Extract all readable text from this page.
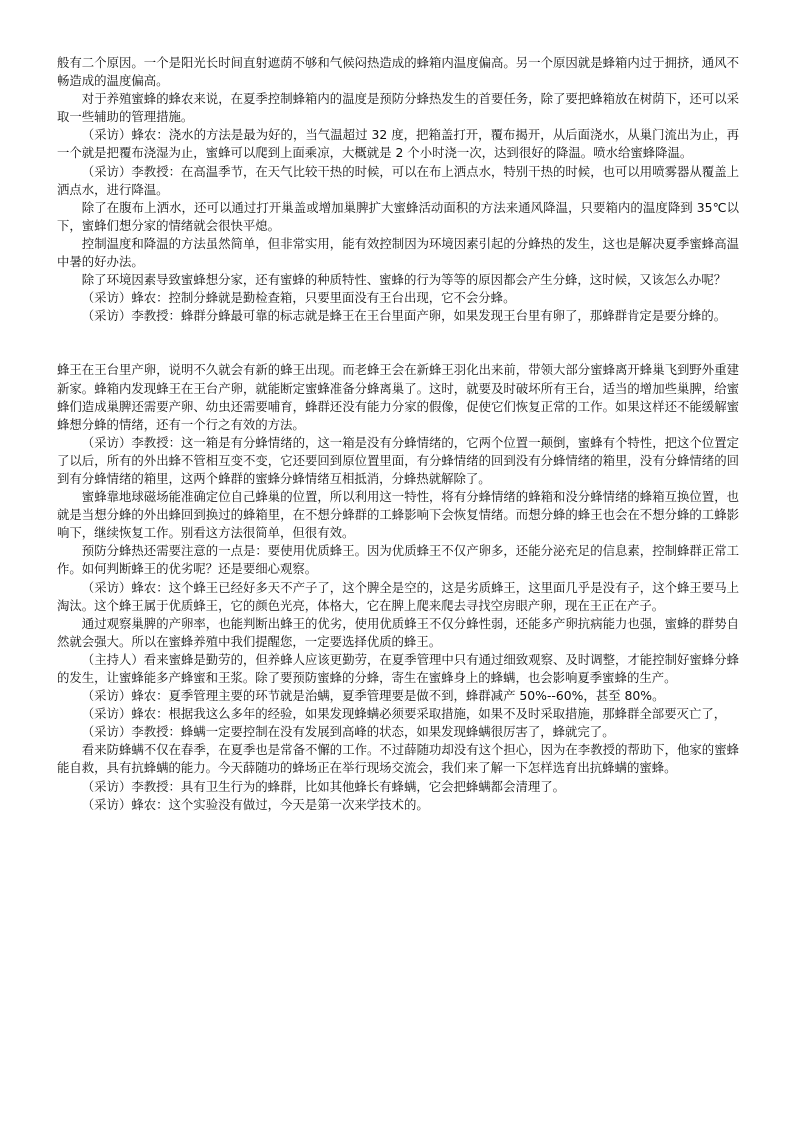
般有二个原因。一个是阳光长时间直射遮荫不够和气候闷热造成的蜂箱内温度偏高。另一个原因就是蜂箱内过于拥挤，通风不畅造成的温度偏高。

对于养殖蜜蜂的蜂农来说，在夏季控制蜂箱内的温度是预防分蜂热发生的首要任务，除了要把蜂箱放在树荫下，还可以采取一些辅助的管理措施。

（采访）蜂农：浇水的方法是最为好的，当气温超过 32 度，把箱盖打开，覆布揭开，从后面浇水，从巢门流出为止，再一个就是把覆布浇湿为止，蜜蜂可以爬到上面乘凉，大概就是 2 个小时浇一次，达到很好的降温。喷水给蜜蜂降温。

（采访）李教授：在高温季节，在天气比较干热的时候，可以在布上洒点水，特别干热的时候，也可以用喷雾器从覆盖上洒点水，进行降温。

除了在腹布上洒水，还可以通过打开巢盖或增加巢脾扩大蜜蜂活动面积的方法来通风降温，只要箱内的温度降到 35℃以下，蜜蜂们想分家的情绪就会很快平熄。

控制温度和降温的方法虽然简单，但非常实用，能有效控制因为环境因素引起的分蜂热的发生，这也是解决夏季蜜蜂高温中暑的好办法。

除了环境因素导致蜜蜂想分家，还有蜜蜂的种质特性、蜜蜂的行为等等的原因都会产生分蜂，这时候，又该怎么办呢？

（采访）蜂农：控制分蜂就是勤检查箱，只要里面没有王台出现，它不会分蜂。

（采访）李教授：蜂群分蜂最可靠的标志就是蜂王在王台里面产卵，如果发现王台里有卵了，那蜂群肯定是要分蜂的。

蜂王在王台里产卵，说明不久就会有新的蜂王出现。而老蜂王会在新蜂王羽化出来前，带领大部分蜜蜂离开蜂巢飞到野外重建新家。蜂箱内发现蜂王在王台产卵，就能断定蜜蜂准备分蜂离巢了。这时，就要及时破坏所有王台，适当的增加些巢脾，给蜜蜂们造成巢脾还需要产卵、幼虫还需要哺育，蜂群还没有能力分家的假像，促使它们恢复正常的工作。如果这样还不能缓解蜜蜂想分蜂的情绪，还有一个行之有效的方法。

（采访）李教授：这一箱是有分蜂情绪的，这一箱是没有分蜂情绪的，它两个位置一颠倒，蜜蜂有个特性，把这个位置定了以后，所有的外出蜂不管相互变不变，它还要回到原位置里面，有分蜂情绪的回到没有分蜂情绪的箱里，没有分蜂情绪的回到有分蜂情绪的箱里，这两个蜂群的蜜蜂分蜂情绪互相抵消，分蜂热就解除了。

蜜蜂靠地球磁场能准确定位自己蜂巢的位置，所以利用这一特性，将有分蜂情绪的蜂箱和没分蜂情绪的蜂箱互换位置，也就是当想分蜂的外出蜂回到换过的蜂箱里，在不想分蜂群的工蜂影响下会恢复情绪。而想分蜂的蜂王也会在不想分蜂的工蜂影响下，继续恢复工作。别看这方法很简单，但很有效。

预防分蜂热还需要注意的一点是：要使用优质蜂王。因为优质蜂王不仅产卵多，还能分泌充足的信息素，控制蜂群正常工作。如何判断蜂王的优劣呢？还是要细心观察。

（采访）蜂农：这个蜂王已经好多天不产子了，这个脾全是空的，这是劣质蜂王，这里面几乎是没有子，这个蜂王要马上淘汰。这个蜂王属于优质蜂王，它的颜色光亮，体格大，它在脾上爬来爬去寻找空房眼产卵，现在王正在产子。

通过观察巢脾的产卵率，也能判断出蜂王的优劣，使用优质蜂王不仅分蜂性弱，还能多产卵抗病能力也强，蜜蜂的群势自然就会强大。所以在蜜蜂养殖中我们提醒您，一定要选择优质的蜂王。

（主持人）看来蜜蜂是勤劳的，但养蜂人应该更勤劳，在夏季管理中只有通过细致观察、及时调整，才能控制好蜜蜂分蜂的发生，让蜜蜂能多产蜂蜜和王浆。除了要预防蜜蜂的分蜂，寄生在蜜蜂身上的蜂螨，也会影响夏季蜜蜂的生产。

（采访）蜂农：夏季管理主要的环节就是治螨，夏季管理要是做不到，蜂群减产 50%--60%，甚至 80%。

（采访）蜂农：根据我这么多年的经验，如果发现蜂螨必须要采取措施，如果不及时采取措施，那蜂群全部要灭亡了，

（采访）李教授：蜂螨一定要控制在没有发展到高峰的状态，如果发现蜂螨很厉害了，蜂就完了。

看来防蜂螨不仅在春季，在夏季也是常备不懈的工作。不过薛随功却没有这个担心，因为在李教授的帮助下，他家的蜜蜂能自救，具有抗蜂螨的能力。今天薛随功的蜂场正在举行现场交流会，我们来了解一下怎样选育出抗蜂螨的蜜蜂。

（采访）李教授：具有卫生行为的蜂群，比如其他蜂长有蜂螨，它会把蜂螨都会清理了。

（采访）蜂农：这个实验没有做过，今天是第一次来学技术的。
